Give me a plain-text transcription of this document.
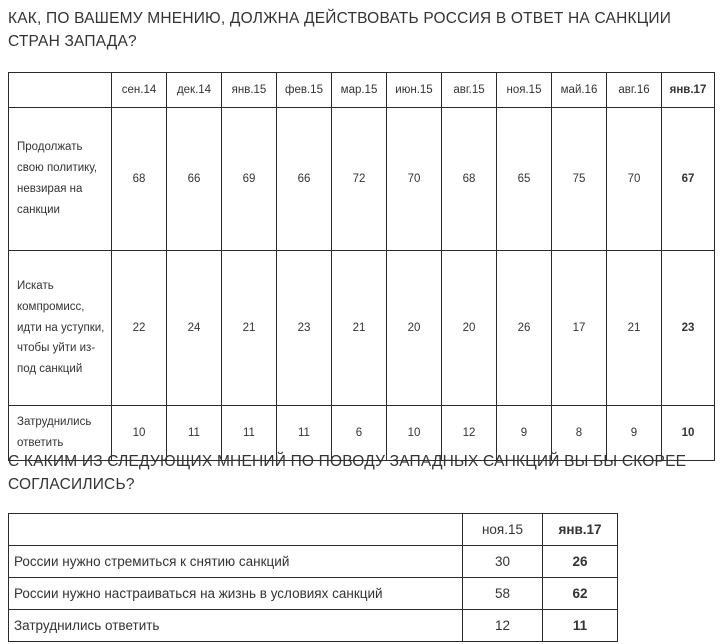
КАК, ПО ВАШЕМУ МНЕНИЮ, ДОЛЖНА ДЕЙСТВОВАТЬ РОССИЯ В ОТВЕТ НА САНКЦИИ СТРАН ЗАПАДА?
	сен.14	дек.14	янв.15	фев.15	мар.15	июн.15	авг.15	ноя.15	май.16	авг.16	янв.17
Продолжать свою политику, невзирая на санкции	68	66	69	66	72	70	68	65	75	70	67
Искать компромисс, идти на уступки, чтобы уйти из-под санкций	22	24	21	23	21	20	20	26	17	21	23
Затруднились ответить	10	11	11	11	6	10	12	9	8	9	10
С КАКИМ ИЗ СЛЕДУЮЩИХ МНЕНИЙ ПО ПОВОДУ ЗАПАДНЫХ САНКЦИЙ ВЫ БЫ СКОРЕЕ СОГЛАСИЛИСЬ?
	ноя.15	янв.17
России нужно стремиться к снятию санкций	30	26
России нужно настраиваться на жизнь в условиях санкций	58	62
Затруднились ответить	12	11
